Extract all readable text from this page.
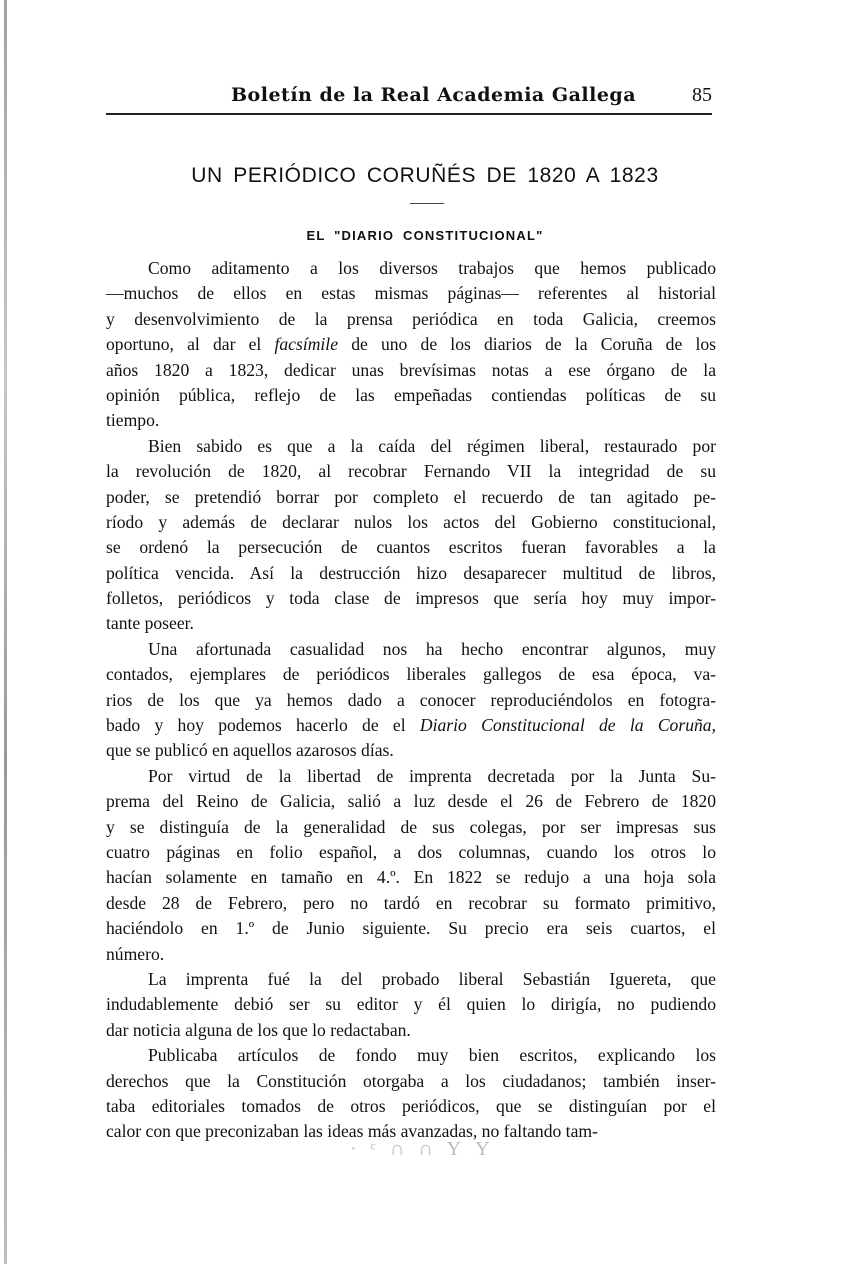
Boletín de la Real Academia Gallega	85
UN PERIÓDICO CORUÑÉS DE 1820 A 1823
EL "DIARIO CONSTITUCIONAL"
Como aditamento a los diversos trabajos que hemos publicado
—muchos de ellos en estas mismas páginas— referentes al historial
y desenvolvimiento de la prensa periódica en toda Galicia, creemos
oportuno, al dar el facsímile de uno de los diarios de la Coruña de los
años 1820 a 1823, dedicar unas brevísimas notas a ese órgano de la
opinión pública, reflejo de las empeñadas contiendas políticas de su
tiempo.
Bien sabido es que a la caída del régimen liberal, restaurado por
la revolución de 1820, al recobrar Fernando VII la integridad de su
poder, se pretendió borrar por completo el recuerdo de tan agitado pe-
ríodo y además de declarar nulos los actos del Gobierno constitucional,
se ordenó la persecución de cuantos escritos fueran favorables a la
política vencida. Así la destrucción hizo desaparecer multitud de libros,
folletos, periódicos y toda clase de impresos que sería hoy muy impor-
tante poseer.
Una afortunada casualidad nos ha hecho encontrar algunos, muy
contados, ejemplares de periódicos liberales gallegos de esa época, va-
rios de los que ya hemos dado a conocer reproduciéndolos en fotogra-
bado y hoy podemos hacerlo de el Diario Constitucional de la Coruña,
que se publicó en aquellos azarosos días.
Por virtud de la libertad de imprenta decretada por la Junta Su-
prema del Reino de Galicia, salió a luz desde el 26 de Febrero de 1820
y se distinguía de la generalidad de sus colegas, por ser impresas sus
cuatro páginas en folio español, a dos columnas, cuando los otros lo
hacían solamente en tamaño en 4.º. En 1822 se redujo a una hoja sola
desde 28 de Febrero, pero no tardó en recobrar su formato primitivo,
haciéndolo en 1.º de Junio siguiente. Su precio era seis cuartos, el
número.
La imprenta fué la del probado liberal Sebastián Iguereta, que
indudablemente debió ser su editor y él quien lo dirigía, no pudiendo
dar noticia alguna de los que lo redactaban.
Publicaba artículos de fondo muy bien escritos, explicando los
derechos que la Constitución otorgaba a los ciudadanos; también inser-
taba editoriales tomados de otros periódicos, que se distinguían por el
calor con que preconizaban las ideas más avanzadas, no faltando tam-
·ᶜ∩∩ΥΥ
